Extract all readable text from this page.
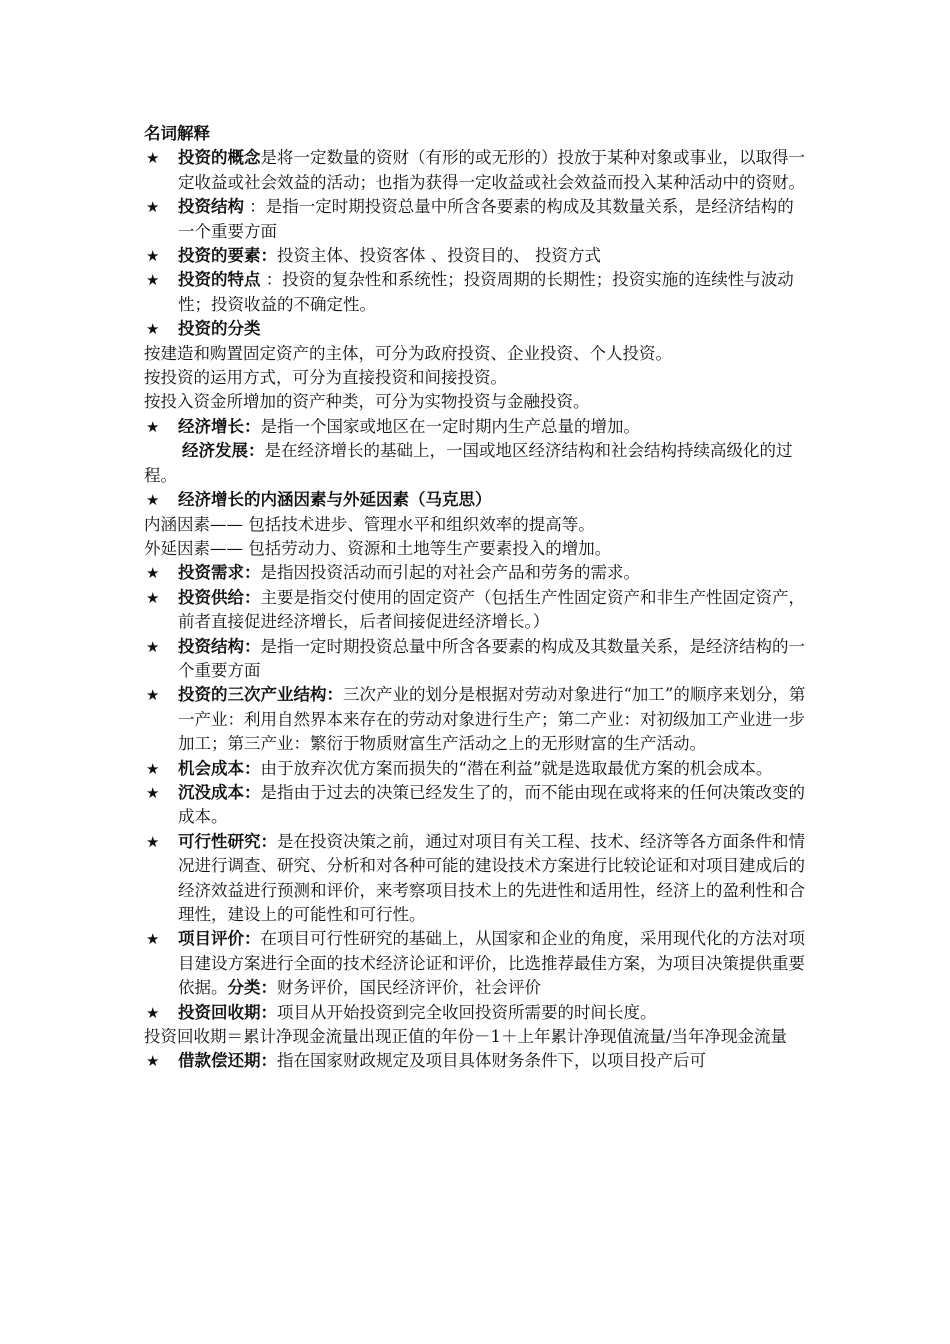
名词解释
★ 投资的概念是将一定数量的资财（有形的或无形的）投放于某种对象或事业，以取得一定收益或社会效益的活动；也指为获得一定收益或社会效益而投入某种活动中的资财。
★ 投资结构 ：是指一定时期投资总量中所含各要素的构成及其数量关系，是经济结构的一个重要方面
★ 投资的要素：投资主体、投资客体 、投资目的、 投资方式
★ 投资的特点 ：投资的复杂性和系统性；投资周期的长期性；投资实施的连续性与波动性；投资收益的不确定性。
★ 投资的分类
按建造和购置固定资产的主体，可分为政府投资、企业投资、个人投资。
按投资的运用方式，可分为直接投资和间接投资。
按投入资金所增加的资产种类，可分为实物投资与金融投资。
★ 经济增长：是指一个国家或地区在一定时期内生产总量的增加。
经济发展：是在经济增长的基础上，一国或地区经济结构和社会结构持续高级化的过程。
★ 经济增长的内涵因素与外延因素（马克思）
内涵因素—— 包括技术进步、管理水平和组织效率的提高等。
外延因素—— 包括劳动力、资源和土地等生产要素投入的增加。
★ 投资需求：是指因投资活动而引起的对社会产品和劳务的需求。
★ 投资供给：主要是指交付使用的固定资产（包括生产性固定资产和非生产性固定资产，前者直接促进经济增长，后者间接促进经济增长。）
★ 投资结构：是指一定时期投资总量中所含各要素的构成及其数量关系，是经济结构的一个重要方面
★ 投资的三次产业结构：三次产业的划分是根据对劳动对象进行“加工”的顺序来划分，第一产业：利用自然界本来存在的劳动对象进行生产；第二产业：对初级加工产业进一步加工；第三产业：繁衍于物质财富生产活动之上的无形财富的生产活动。
★ 机会成本：由于放弃次优方案而损失的“潜在利益”就是选取最优方案的机会成本。
★ 沉没成本：是指由于过去的决策已经发生了的，而不能由现在或将来的任何决策改变的成本。
★ 可行性研究：是在投资决策之前，通过对项目有关工程、技术、经济等各方面条件和情况进行调查、研究、分析和对各种可能的建设技术方案进行比较论证和对项目建成后的经济效益进行预测和评价，来考察项目技术上的先进性和适用性，经济上的盈利性和合理性，建设上的可能性和可行性。
★ 项目评价：在项目可行性研究的基础上，从国家和企业的角度，采用现代化的方法对项目建设方案进行全面的技术经济论证和评价，比选推荐最佳方案，为项目决策提供重要依据。分类：财务评价，国民经济评价，社会评价
★ 投资回收期：项目从开始投资到完全收回投资所需要的时间长度。
投资回收期＝累计净现金流量出现正值的年份－1＋上年累计净现值流量/当年净现金流量
★ 借款偿还期：指在国家财政规定及项目具体财务条件下，以项目投产后可
